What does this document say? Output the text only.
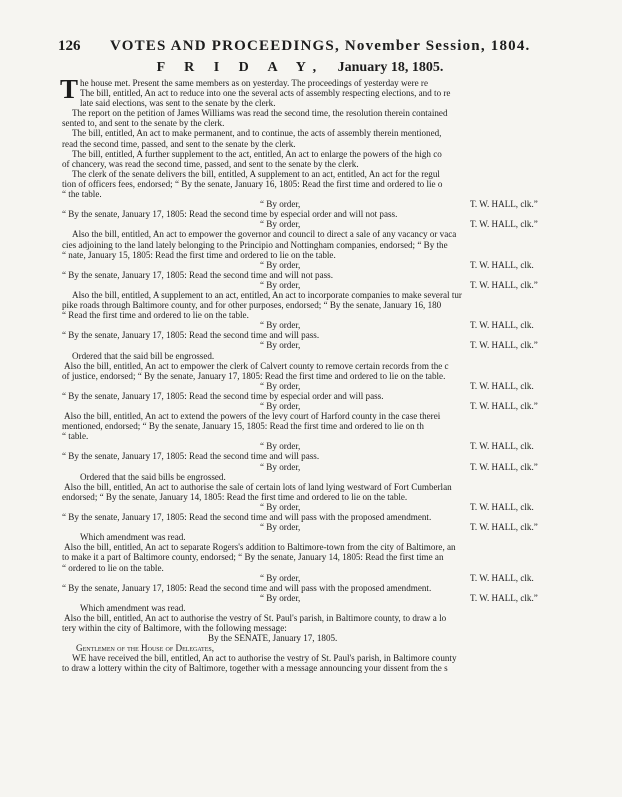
126 VOTES AND PROCEEDINGS, November Session, 1804.
F R I D A Y, January 18, 1805.
T he house met. Present the same members as on yesterday. The proceedings of yesterday were re
The bill, entitled, An act to reduce into one the several acts of assembly respecting elections, and to re
late said elections, was sent to the senate by the clerk.
The report on the petition of James Williams was read the second time, the resolution therein contained
sented to, and sent to the senate by the clerk.
The bill, entitled, An act to make permanent, and to continue, the acts of assembly therein mentioned,
read the second time, passed, and sent to the senate by the clerk.
The bill, entitled, A further supplement to the act, entitled, An act to enlarge the powers of the high co
of chancery, was read the second time, passed, and sent to the senate by the clerk.
The clerk of the senate delivers the bill, entitled, A supplement to an act, entitled, An act for the regul
tion of officers fees, endorsed; “ By the senate, January 16, 1805: Read the first time and ordered to lie o
“ the table.
“ By order,	T. W. HALL, clk.”
“ By the senate, January 17, 1805: Read the second time by especial order and will not pass.
“ By order,	T. W. HALL, clk.”
Also the bill, entitled, An act to empower the governor and council to direct a sale of any vacancy or vaca
cies adjoining to the land lately belonging to the Principio and Nottingham companies, endorsed; “ By the
“ nate, January 15, 1805: Read the first time and ordered to lie on the table.
“ By order,	T. W. HALL, clk.
“ By the senate, January 17, 1805: Read the second time and will not pass.
“ By order,	T. W. HALL, clk.”
Also the bill, entitled, A supplement to an act, entitled, An act to incorporate companies to make several tur
pike roads through Baltimore county, and for other purposes, endorsed; “ By the senate, January 16, 180
“ Read the first time and ordered to lie on the table.
“ By order,	T. W. HALL, clk.
“ By the senate, January 17, 1805: Read the second time and will pass.
“ By order,	T. W. HALL, clk.”
Ordered that the said bill be engrossed.
Also the bill, entitled, An act to empower the clerk of Calvert county to remove certain records from the c
of justice, endorsed; “ By the senate, January 17, 1805: Read the first time and ordered to lie on the table.
“ By order,	T. W. HALL, clk.
“ By the senate, January 17, 1805: Read the second time by especial order and will pass.
“ By order,	T. W. HALL, clk.”
Also the bill, entitled, An act to extend the powers of the levy court of Harford county in the case therei
mentioned, endorsed; “ By the senate, January 15, 1805: Read the first time and ordered to lie on th
“ table.
“ By order,	T. W. HALL, clk.
“ By the senate, January 17, 1805: Read the second time and will pass.
“ By order,	T. W. HALL, clk.”
Ordered that the said bills be engrossed.
Also the bill, entitled, An act to authorise the sale of certain lots of land lying westward of Fort Cumberlan
endorsed; “ By the senate, January 14, 1805: Read the first time and ordered to lie on the table.
“ By order,	T. W. HALL, clk.
“ By the senate, January 17, 1805: Read the second time and will pass with the proposed amendment.
“ By order,	T. W. HALL, clk.”
Which amendment was read.
Also the bill, entitled, An act to separate Rogers's addition to Baltimore-town from the city of Baltimore, an
to make it a part of Baltimore county, endorsed; “ By the senate, January 14, 1805: Read the first time an
“ ordered to lie on the table.
“ By order,	T. W. HALL, clk.
“ By the senate, January 17, 1805: Read the second time and will pass with the proposed amendment.
“ By order,	T. W. HALL, clk.”
Which amendment was read.
Also the bill, entitled, An act to authorise the vestry of St. Paul's parish, in Baltimore county, to draw a lo
tery within the city of Baltimore, with the following message:
By the SENATE, January 17, 1805.
Gentlemen of the House of Delegates,
WE have received the bill, entitled, An act to authorise the vestry of St. Paul's parish, in Baltimore county
to draw a lottery within the city of Baltimore, together with a message announcing your dissent from the s
